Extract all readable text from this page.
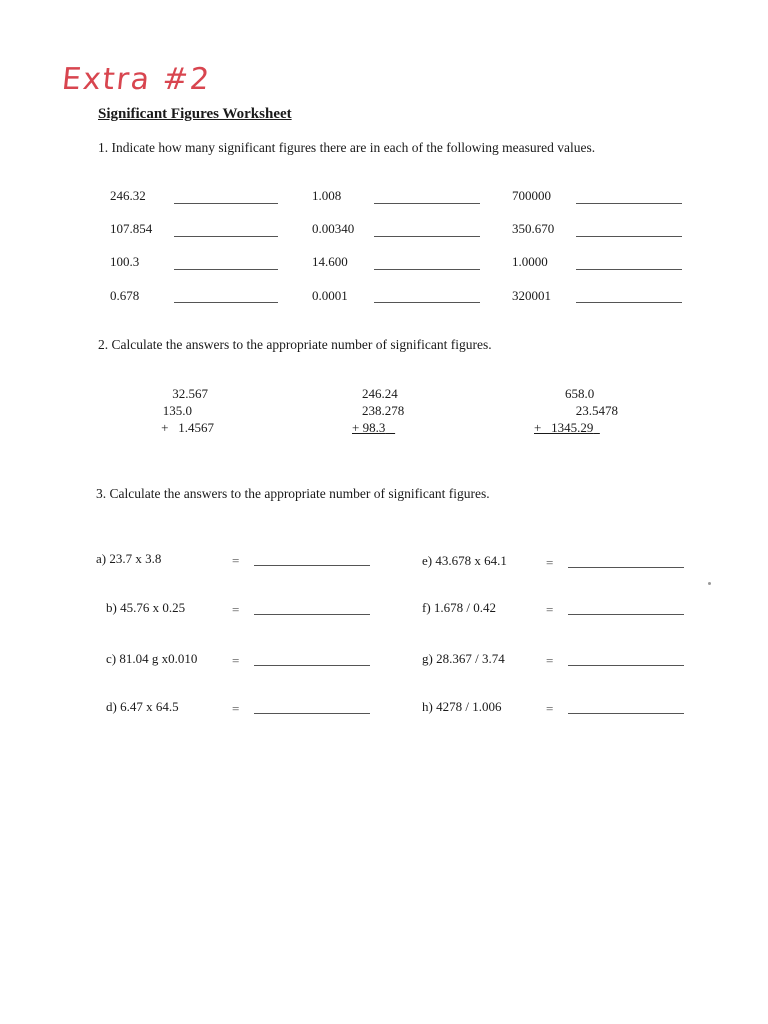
Extra #2
Significant Figures Worksheet
1. Indicate how many significant figures there are in each of the following measured values.
246.32	1.008	700000
107.854	0.00340	350.670
100.3	14.600	1.0000
0.678	0.0001	320001
2. Calculate the answers to the appropriate number of significant figures.
32.567
135.0
+   1.4567
246.24
238.278
+ 98.3
658.0
23.5478
+   1345.29
3. Calculate the answers to the appropriate number of significant figures.
a) 23.7 x 3.8	=
b) 45.76 x 0.25	=
c) 81.04 g x0.010	=
d) 6.47 x 64.5	=
e) 43.678 x 64.1	=
f) 1.678 / 0.42	=
g) 28.367 / 3.74	=
h) 4278 / 1.006	=
